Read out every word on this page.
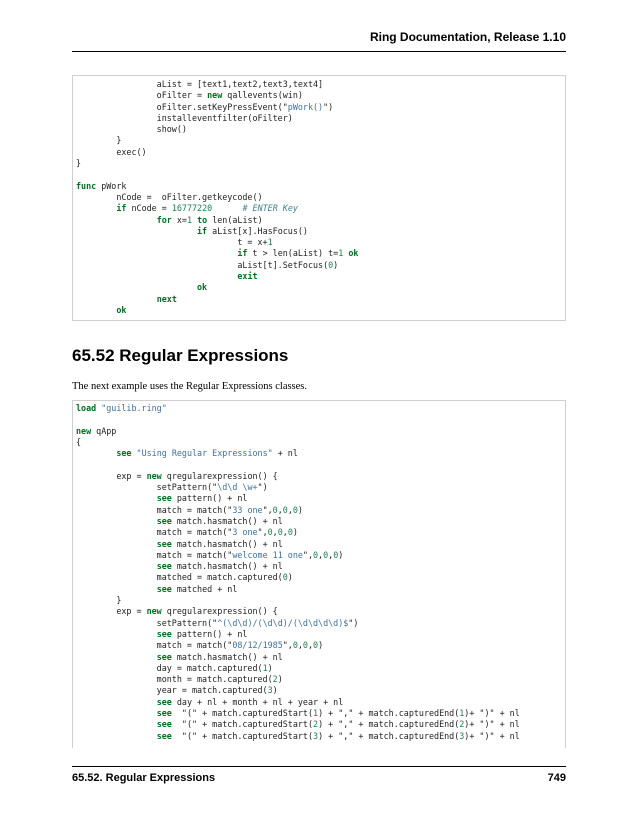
Ring Documentation, Release 1.10
aList = [text1,text2,text3,text4]
oFilter = new qallevents(win)
oFilter.setKeyPressEvent("pWork()")
installeventfilter(oFilter)
show()
}
exec()
}
func pWork
nCode =  oFilter.getkeycode()
if nCode = 16777220	# ENTER Key
for x=1 to len(aList)
if aList[x].HasFocus()
t = x+1
if t > len(aList) t=1 ok
aList[t].SetFocus(0)
exit
ok
next
ok
65.52 Regular Expressions
The next example uses the Regular Expressions classes.
load "guilib.ring"
new qApp
{
see "Using Regular Expressions" + nl
exp = new qregularexpression() {
setPattern("\d\d \w+")
see pattern() + nl
match = match("33 one",0,0,0)
see match.hasmatch() + nl
match = match("3 one",0,0,0)
see match.hasmatch() + nl
match = match("welcome 11 one",0,0,0)
see match.hasmatch() + nl
matched = match.captured(0)
see matched + nl
}
exp = new qregularexpression() {
setPattern("^(\d\d)/(\d\d)/(\d\d\d\d)$")
see pattern() + nl
match = match("08/12/1985",0,0,0)
see match.hasmatch() + nl
day = match.captured(1)
month = match.captured(2)
year = match.captured(3)
see day + nl + month + nl + year + nl
see  "(" + match.capturedStart(1) + "," + match.capturedEnd(1)+ ")" + nl
see  "(" + match.capturedStart(2) + "," + match.capturedEnd(2)+ ")" + nl
see  "(" + match.capturedStart(3) + "," + match.capturedEnd(3)+ ")" + nl
65.52. Regular Expressions	749
